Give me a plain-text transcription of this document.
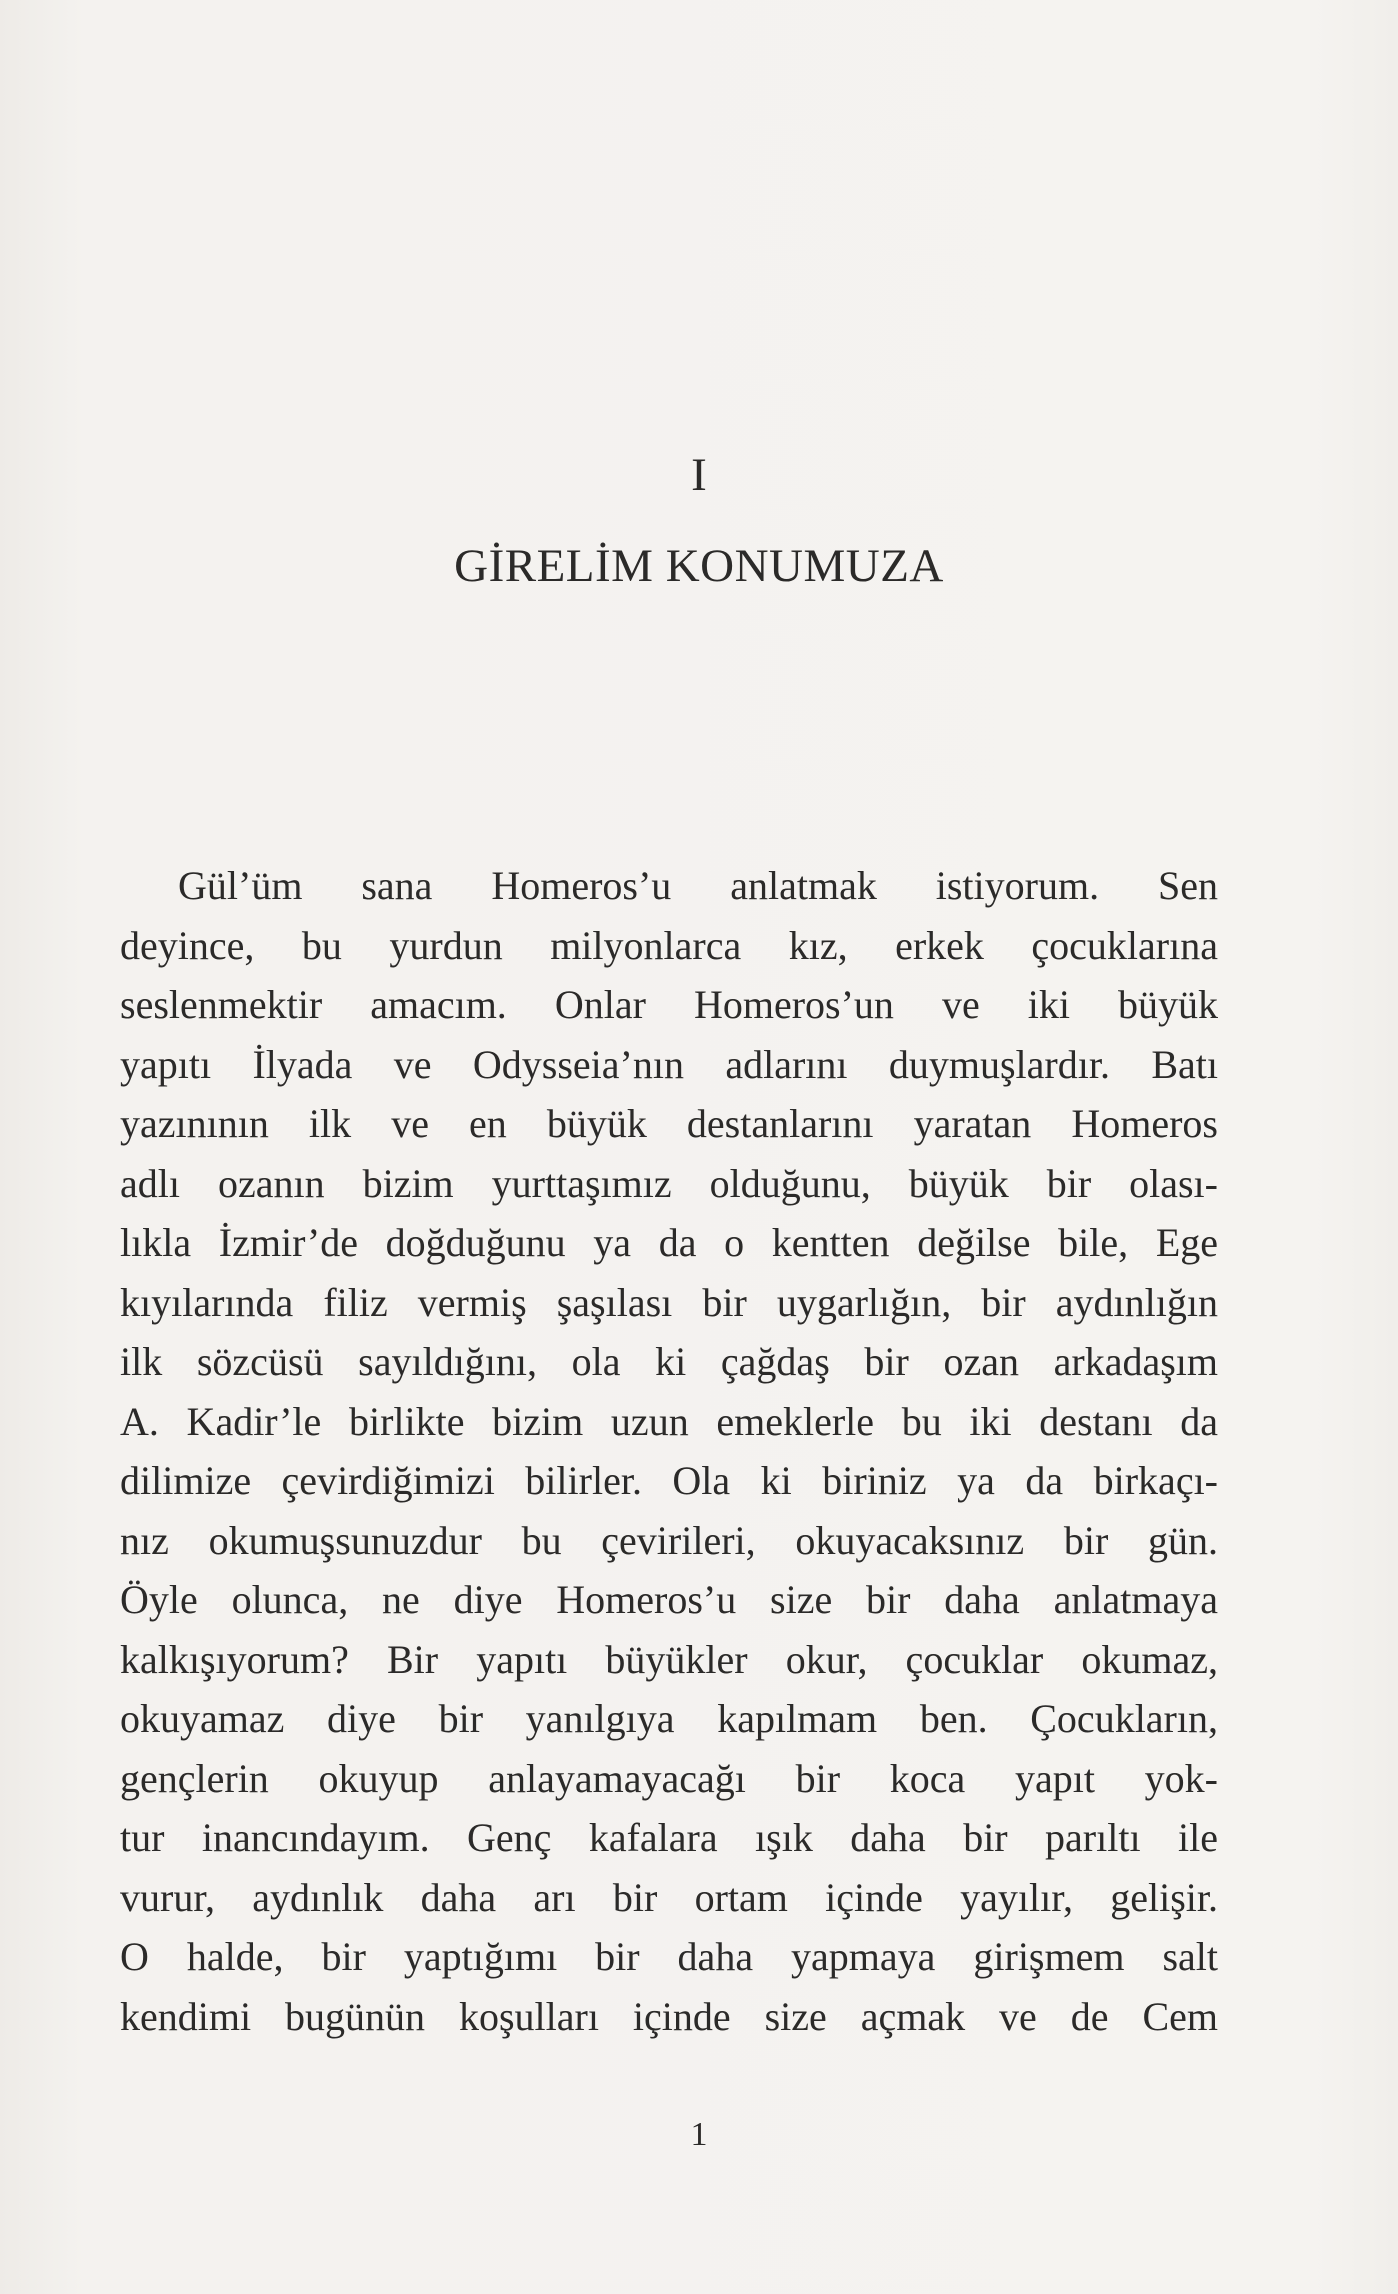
I
GİRELİM KONUMUZA
Gül’üm sana Homeros’u anlatmak istiyorum. Sen
deyince, bu yurdun milyonlarca kız, erkek çocuklarına
seslenmektir amacım. Onlar Homeros’un ve iki büyük
yapıtı İlyada ve Odysseia’nın adlarını duymuşlardır. Batı
yazınının ilk ve en büyük destanlarını yaratan Homeros
adlı ozanın bizim yurttaşımız olduğunu, büyük bir olası-
lıkla İzmir’de doğduğunu ya da o kentten değilse bile, Ege
kıyılarında filiz vermiş şaşılası bir uygarlığın, bir aydınlığın
ilk sözcüsü sayıldığını, ola ki çağdaş bir ozan arkadaşım
A. Kadir’le birlikte bizim uzun emeklerle bu iki destanı da
dilimize çevirdiğimizi bilirler. Ola ki biriniz ya da birkaçı-
nız okumuşsunuzdur bu çevirileri, okuyacaksınız bir gün.
Öyle olunca, ne diye Homeros’u size bir daha anlatmaya
kalkışıyorum? Bir yapıtı büyükler okur, çocuklar okumaz,
okuyamaz diye bir yanılgıya kapılmam ben. Çocukların,
gençlerin okuyup anlayamayacağı bir koca yapıt yok-
tur inancındayım. Genç kafalara ışık daha bir parıltı ile
vurur, aydınlık daha arı bir ortam içinde yayılır, gelişir.
O halde, bir yaptığımı bir daha yapmaya girişmem salt
kendimi bugünün koşulları içinde size açmak ve de Cem
1
